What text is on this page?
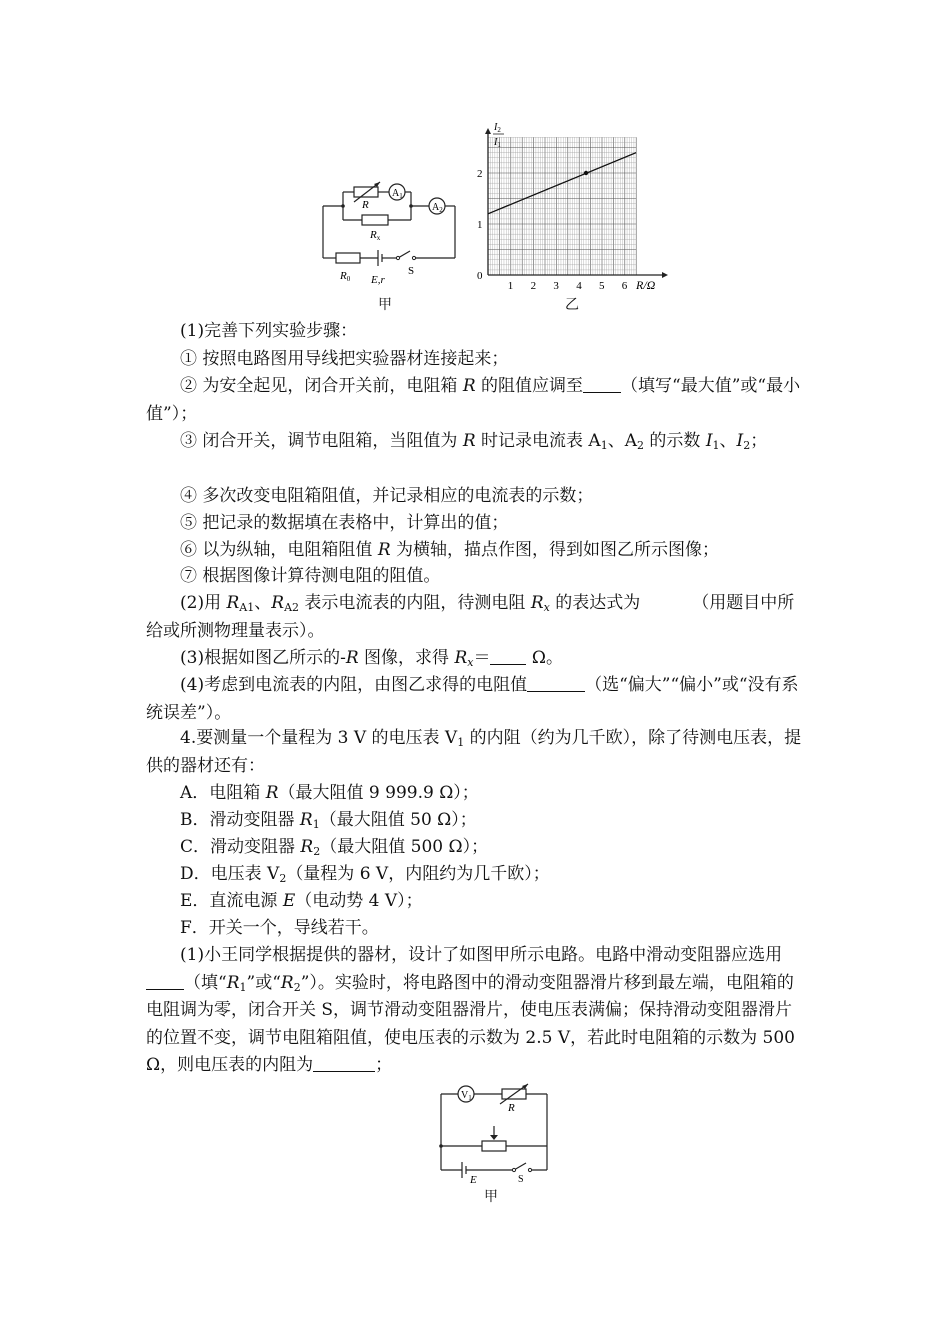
$A_1$
$A_2$
R
Rx
R0 E,r
S
甲
1 2 3 4 5 6
0
1
2
$I_2$
$I_1$
R/Ω
乙

(1)完善下列实验步骤：

① 按照电路图用导线把实验器材连接起来；

② 为安全起见，闭合开关前，电阻箱 R 的阻值应调至 （填写“最大值”或“最小值”）；

③ 闭合开关，调节电阻箱，当阻值为 R 时记录电流表 $A_1$、$A_2$ 的示数 $I_1$、$I_2$；

④ 多次改变电阻箱阻值，并记录相应的电流表的示数；

⑤ 把记录的数据填在表格中，计算出的值；

⑥ 以为纵轴，电阻箱阻值 R 为横轴，描点作图，得到如图乙所示图像；

⑦ 根据图像计算待测电阻的阻值。

(2)用 $R_{A1}$、$R_{A2}$ 表示电流表的内阻，待测电阻 $R_x$ 的表达式为	（用题目中所给或所测物理量表示）。

(3)根据如图乙所示的-R 图像，求得 $R_x= \Omega$。

(4)考虑到电流表的内阻，由图乙求得的电阻值	（选“偏大”“偏小”或“没有系统误差”）。

4.要测量一个量程为 3 V 的电压表 $V_1$ 的内阻（约为几千欧），除了待测电压表，提供的器材还有：

A．电阻箱 R（最大阻值 9 999.9 Ω）；

B．滑动变阻器 $R_1$（最大阻值 50 Ω）；

C．滑动变阻器 $R_2$（最大阻值 500 Ω）；

D．电压表 $V_2$（量程为 6 V，内阻约为几千欧）；

E．直流电源 E（电动势 4 V）；

F．开关一个，导线若干。

(1)小王同学根据提供的器材，设计了如图甲所示电路。电路中滑动变阻器应选用（填“$R_1$”或“$R_2$”）。实验时，将电路图中的滑动变阻器滑片移到最左端，电阻箱的电阻调为零，闭合开关 S，调节滑动变阻器滑片，使电压表满偏；保持滑动变阻器滑片的位置不变，调节电阻箱阻值，使电压表的示数为 2.5 V，若此时电阻箱的示数为 500 Ω，则电压表的内阻为	；

$V_1$
R
E	S
甲
